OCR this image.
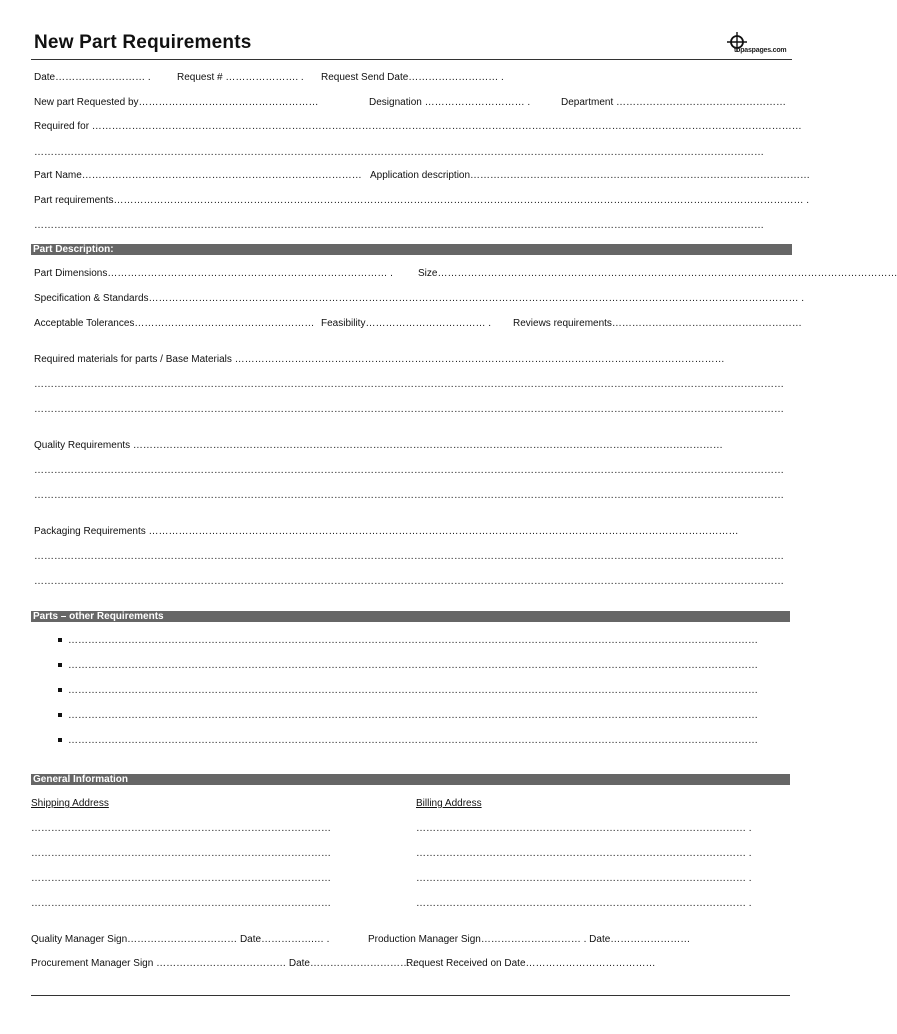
New Part Requirements	topaspages.com
Date……………………… .	Request # …………………. .	Request Send Date……………………… .
New part Requested by………………………………………………	Designation ………………………… .	Department ……………………………………………
Required for ……………………………………………………………………………………………………………………………………………………………………………………………
…………………………………………………………………………………………………………………………………………………………………………………………………
Part Name………………………………………………………………………… Application description…………………………………………………………………………………………
Part requirements……………………………………………………………………………………………………………………………………………………………………………………… .
…………………………………………………………………………………………………………………………………………………………………………………………………
Part Description:
Part Dimensions………………………………………………………………………… .	Size…………………………………………………………………………………………………………………………
Specification & Standards…………………………………………………………………………………………………………………………………………………………………………… .
Acceptable Tolerances……………………………………………… Feasibility……………………………… . Reviews requirements…………………………………………………
Required materials for parts / Base Materials …………………………………………………………………………………………………………………………………
………………………………………………………………………………………………………………………………………………………………………………………………………
………………………………………………………………………………………………………………………………………………………………………………………………………
Quality Requirements ……………………………………………………………………………………………………………………………………………………………
………………………………………………………………………………………………………………………………………………………………………………………………………
………………………………………………………………………………………………………………………………………………………………………………………………………
Packaging Requirements ……………………………………………………………………………………………………………………………………………………………
………………………………………………………………………………………………………………………………………………………………………………………………………
………………………………………………………………………………………………………………………………………………………………………………………………………
Parts – other Requirements
………………………………………………………………………………………………………………………………………………………………………………………
………………………………………………………………………………………………………………………………………………………………………………………
………………………………………………………………………………………………………………………………………………………………………………………
………………………………………………………………………………………………………………………………………………………………………………………
………………………………………………………………………………………………………………………………………………………………………………………
General Information
Shipping Address	Billing Address
………………………………………………………………………………
………………………………………………………………………………
………………………………………………………………………………
………………………………………………………………………………
……………………………………………………………………………………… .
……………………………………………………………………………………… .
……………………………………………………………………………………… .
……………………………………………………………………………………… .
Quality Manager Sign…………………………… Date…………….… .	Production Manager Sign………………………… . Date……………………
Procurement Manager Sign ………………………………… Date………………………… .
Request Received on Date…………………………………
